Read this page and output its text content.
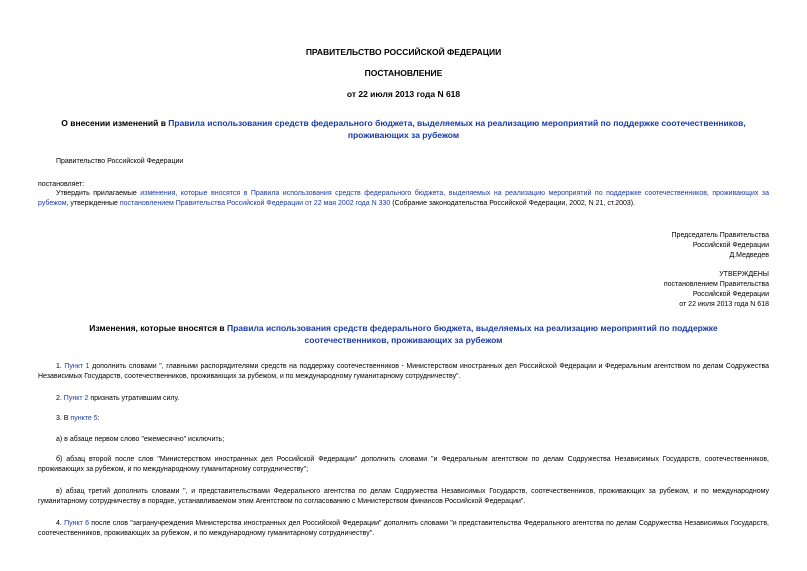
ПРАВИТЕЛЬСТВО РОССИЙСКОЙ ФЕДЕРАЦИИ
ПОСТАНОВЛЕНИЕ
от 22 июля 2013 года N 618
О внесении изменений в Правила использования средств федерального бюджета, выделяемых на реализацию мероприятий по поддержке соотечественников, проживающих за рубежом
Правительство Российской Федерации
постановляет:
Утвердить прилагаемые изменения, которые вносятся в Правила использования средств федерального бюджета, выделяемых на реализацию мероприятий по поддержке соотечественников, проживающих за рубежом, утвержденные постановлением Правительства Российской Федерации от 22 мая 2002 года N 330 (Собрание законодательства Российской Федерации, 2002, N 21, ст.2003).
Председатель Правительства
Российской Федерации
Д.Медведев
УТВЕРЖДЕНЫ
постановлением Правительства
Российской Федерации
от 22 июля 2013 года N 618
Изменения, которые вносятся в Правила использования средств федерального бюджета, выделяемых на реализацию мероприятий по поддержке соотечественников, проживающих за рубежом
1. Пункт 1 дополнить словами ", главными распорядителями средств на поддержку соотечественников - Министерством иностранных дел Российской Федерации и Федеральным агентством по делам Содружества Независимых Государств, соотечественников, проживающих за рубежом, и по международному гуманитарному сотрудничеству".
2. Пункт 2 признать утратившим силу.
3. В пункте 5:
а) в абзаце первом слово "ежемесячно" исключить;
б) абзац второй после слов "Министерством иностранных дел Российской Федерации" дополнить словами "и Федеральным агентством по делам Содружества Независимых Государств, соотечественников, проживающих за рубежом, и по международному гуманитарному сотрудничеству";
в) абзац третий дополнить словами ", и представительствами Федерального агентства по делам Содружества Независимых Государств, соотечественников, проживающих за рубежом, и по международному гуманитарному сотрудничеству в порядке, устанавливаемом этим Агентством по согласованию с Министерством финансов Российской Федерации".
4. Пункт 6 после слов "загранучреждения Министерства иностранных дел Российской Федерации" дополнить словами "и представительства Федерального агентства по делам Содружества Независимых Государств, соотечественников, проживающих за рубежом, и по международному гуманитарному сотрудничеству".
